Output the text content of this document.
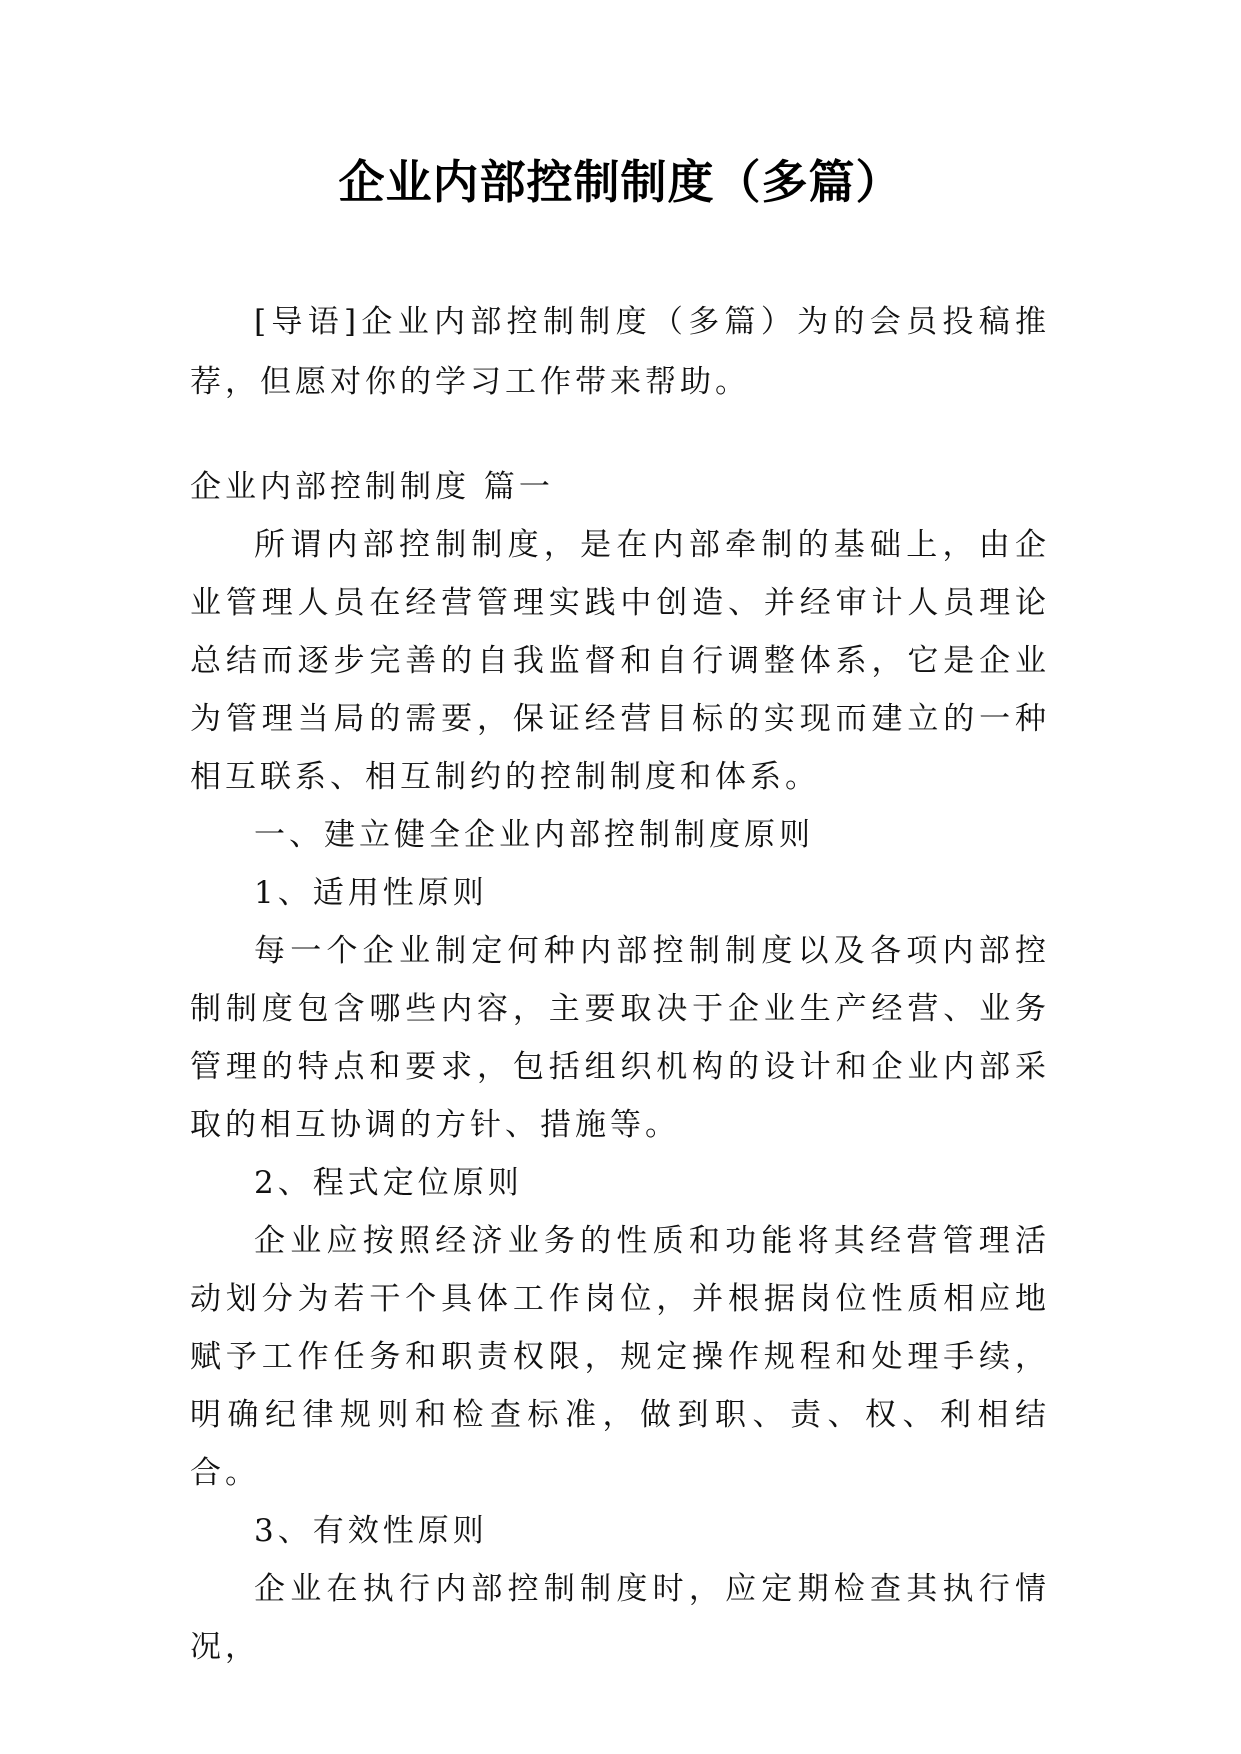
企业内部控制制度（多篇）
[导语]企业内部控制制度（多篇）为的会员投稿推荐，但愿对你的学习工作带来帮助。

企业内部控制制度 篇一

所谓内部控制制度，是在内部牵制的基础上，由企业管理人员在经营管理实践中创造、并经审计人员理论总结而逐步完善的自我监督和自行调整体系，它是企业为管理当局的需要，保证经营目标的实现而建立的一种相互联系、相互制约的控制制度和体系。

一、建立健全企业内部控制制度原则

1、适用性原则

每一个企业制定何种内部控制制度以及各项内部控制制度包含哪些内容，主要取决于企业生产经营、业务管理的特点和要求，包括组织机构的设计和企业内部采取的相互协调的方针、措施等。

2、程式定位原则

企业应按照经济业务的性质和功能将其经营管理活动划分为若干个具体工作岗位，并根据岗位性质相应地赋予工作任务和职责权限，规定操作规程和处理手续，明确纪律规则和检查标准，做到职、责、权、利相结合。

3、有效性原则

企业在执行内部控制制度时，应定期检查其执行情况，
